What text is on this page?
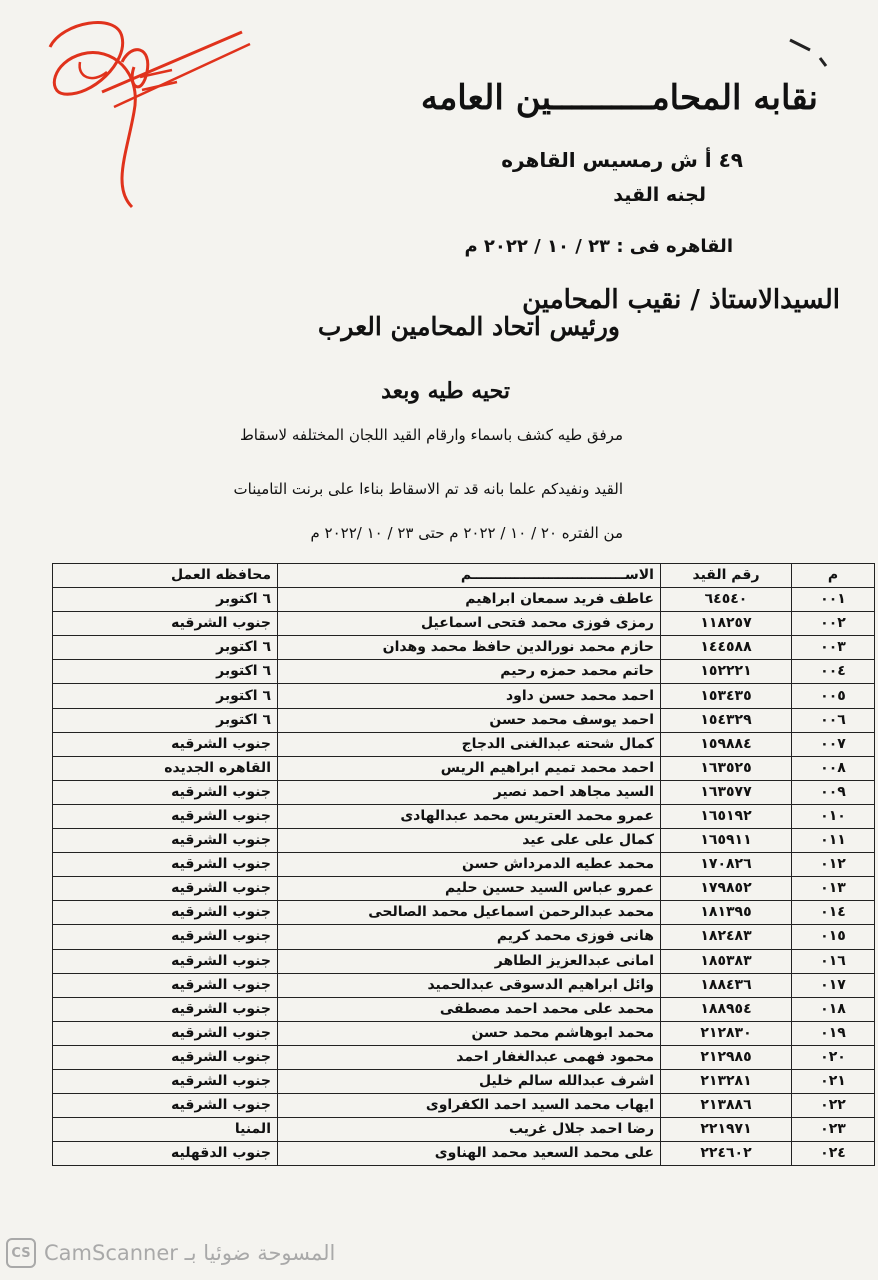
نقابه المحامــــــــــين العامه
٤٩ أ ش رمسيس القاهره
لجنه القيد
القاهره فى : ٢٣ / ١٠ / ٢٠٢٢ م
السيدالاستاذ / نقيب المحامين
ورئيس اتحاد المحامين العرب
تحيه طيه وبعد
مرفق طيه كشف باسماء وارقام القيد اللجان المختلفه لاسقاط
القيد ونفيدكم علما بانه قد تم الاسقاط بناءا على برنت التامينات
من الفتره ٢٠ / ١٠ / ٢٠٢٢ م حتى ٢٣ / ١٠ /٢٠٢٢ م
م	رقم القيد	الاســــــــــــــــــــــــــــــــم	محافظه العمل
٠٠١	٦٤٥٤٠	عاطف فريد سمعان ابراهيم	٦ اكتوبر
٠٠٢	١١٨٢٥٧	رمزى فوزى محمد فتحى اسماعيل	جنوب الشرقيه
٠٠٣	١٤٤٥٨٨	حازم محمد نورالدين حافظ محمد وهدان	٦ اكتوبر
٠٠٤	١٥٢٢٢١	حاتم محمد حمزه رحيم	٦ اكتوبر
٠٠٥	١٥٣٤٣٥	احمد محمد حسن داود	٦ اكتوبر
٠٠٦	١٥٤٣٢٩	احمد يوسف محمد حسن	٦ اكتوبر
٠٠٧	١٥٩٨٨٤	كمال شحته عبدالغنى الدجاج	جنوب الشرقيه
٠٠٨	١٦٣٥٢٥	احمد محمد تميم ابراهيم الريس	القاهره الجديده
٠٠٩	١٦٣٥٧٧	السيد مجاهد احمد نصير	جنوب الشرقيه
٠١٠	١٦٥١٩٢	عمرو محمد العتريس محمد عبدالهادى	جنوب الشرقيه
٠١١	١٦٥٩١١	كمال على على عيد	جنوب الشرقيه
٠١٢	١٧٠٨٢٦	محمد عطيه الدمرداش حسن	جنوب الشرقيه
٠١٣	١٧٩٨٥٢	عمرو عباس السيد حسين حليم	جنوب الشرقيه
٠١٤	١٨١٣٩٥	محمد عبدالرحمن اسماعيل محمد الصالحى	جنوب الشرقيه
٠١٥	١٨٢٤٨٣	هانى فوزى محمد كريم	جنوب الشرقيه
٠١٦	١٨٥٣٨٣	امانى عبدالعزيز الطاهر	جنوب الشرقيه
٠١٧	١٨٨٤٣٦	وائل ابراهيم الدسوقى عبدالحميد	جنوب الشرقيه
٠١٨	١٨٨٩٥٤	محمد على محمد احمد مصطفى	جنوب الشرقيه
٠١٩	٢١٢٨٣٠	محمد ابوهاشم محمد حسن	جنوب الشرقيه
٠٢٠	٢١٢٩٨٥	محمود فهمى عبدالغفار احمد	جنوب الشرقيه
٠٢١	٢١٣٢٨١	اشرف عبدالله سالم خليل	جنوب الشرقيه
٠٢٢	٢١٣٨٨٦	ايهاب محمد السيد احمد الكفراوى	جنوب الشرقيه
٠٢٣	٢٢١٩٧١	رضا احمد جلال غريب	المنيا
٠٢٤	٢٢٤٦٠٢	على محمد السعيد محمد الهناوى	جنوب الدقهليه
CS المسوحة ضوئيا بـ CamScanner
